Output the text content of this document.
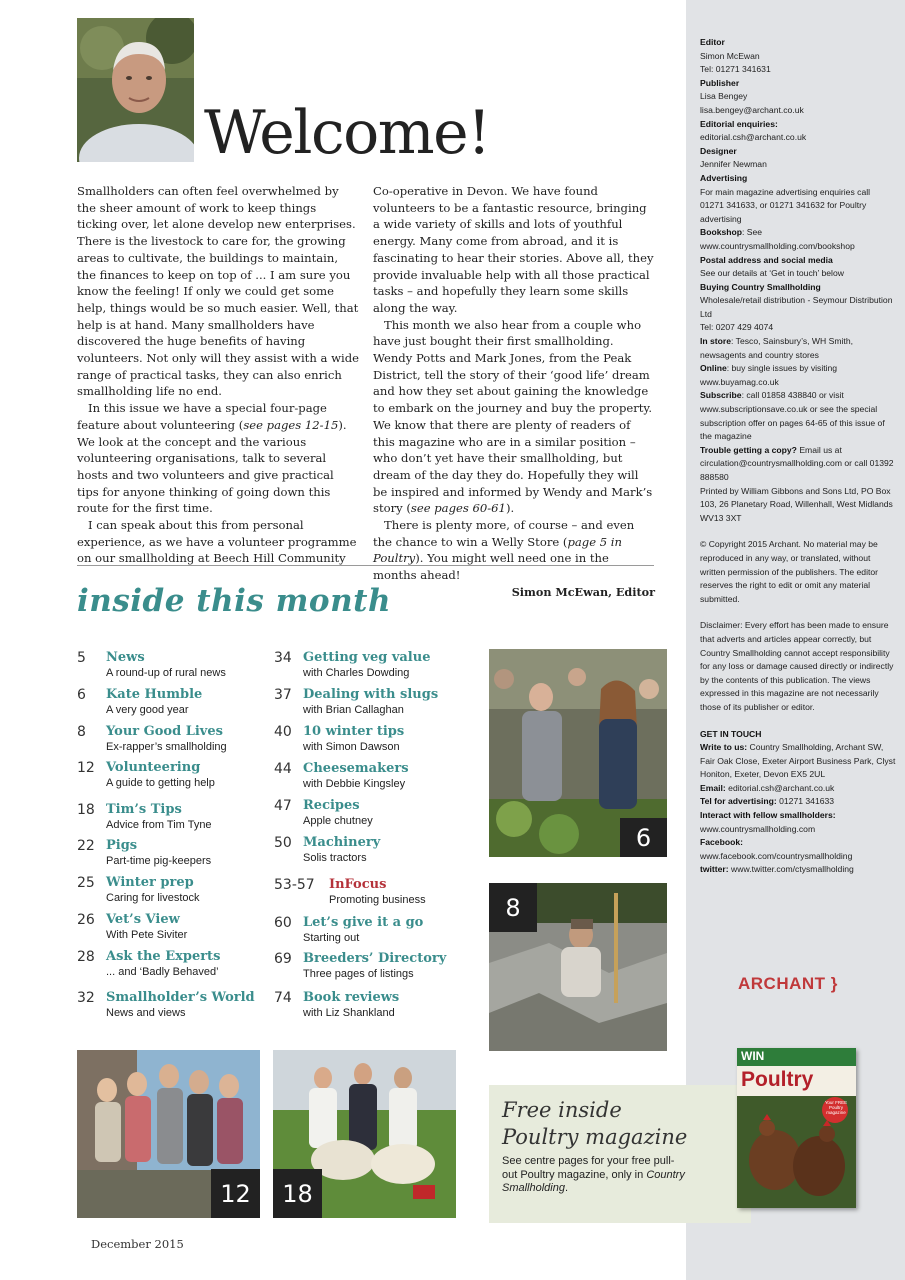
Editor
Simon McEwan
Tel: 01271 341631
Publisher
Lisa Bengey
lisa.bengey@archant.co.uk
Editorial enquiries:
editorial.csh@archant.co.uk
Designer
Jennifer Newman
Advertising
For main magazine advertising enquiries call 01271 341633, or 01271 341632 for Poultry advertising
Bookshop: See www.countrysmallholding.com/bookshop
Postal address and social media
See our details at ‘Get in touch’ below
Buying Country Smallholding
Wholesale/retail distribution - Seymour Distribution Ltd
Tel: 0207 429 4074
In store: Tesco, Sainsbury’s, WH Smith, newsagents and country stores
Online: buy single issues by visiting www.buyamag.co.uk
Subscribe: call 01858 438840 or visit www.subscriptionsave.co.uk or see the special subscription offer on pages 64-65 of this issue of the magazine
Trouble getting a copy? Email us at circulation@countrysmallholding.com or call 01392 888580
Printed by William Gibbons and Sons Ltd, PO Box 103, 26 Planetary Road, Willenhall, West Midlands WV13 3XT
© Copyright 2015 Archant. No material may be reproduced in any way, or translated, without written permission of the publishers. The editor reserves the right to edit or omit any material submitted.
Disclaimer: Every effort has been made to ensure that adverts and articles appear correctly, but Country Smallholding cannot accept responsibility for any loss or damage caused directly or indirectly by the contents of this publication. The views expressed in this magazine are not necessarily those of its publisher or editor.
GET IN TOUCH
Write to us: Country Smallholding, Archant SW, Fair Oak Close, Exeter Airport Business Park, Clyst Honiton, Exeter, Devon EX5 2UL
Email: editorial.csh@archant.co.uk
Tel for advertising: 01271 341633
Interact with fellow smallholders:
www.countrysmallholding.com
Facebook: www.facebook.com/countrysmallholding
twitter: www.twitter.com/ctysmallholding
ARCHANT }
Welcome!

Smallholders can often feel overwhelmed by the sheer amount of work to keep things ticking over, let alone develop new enterprises. There is the livestock to care for, the growing areas to cultivate, the buildings to maintain, the finances to keep on top of ... I am sure you know the feeling! If only we could get some help, things would be so much easier. Well, that help is at hand. Many smallholders have discovered the huge benefits of having volunteers. Not only will they assist with a wide range of practical tasks, they can also enrich smallholding life no end.

In this issue we have a special four-page feature about volunteering (see pages 12-15). We look at the concept and the various volunteering organisations, talk to several hosts and two volunteers and give practical tips for anyone thinking of going down this route for the first time.

I can speak about this from personal experience, as we have a volunteer programme on our smallholding at Beech Hill Community

Co-operative in Devon. We have found volunteers to be a fantastic resource, bringing a wide variety of skills and lots of youthful energy. Many come from abroad, and it is fascinating to hear their stories. Above all, they provide invaluable help with all those practical tasks – and hopefully they learn some skills along the way.

This month we also hear from a couple who have just bought their first smallholding. Wendy Potts and Mark Jones, from the Peak District, tell the story of their ‘good life’ dream and how they set about gaining the knowledge to embark on the journey and buy the property. We know that there are plenty of readers of this magazine who are in a similar position – who don’t yet have their smallholding, but dream of the day they do. Hopefully they will be inspired and informed by Wendy and Mark’s story (see pages 60-61).

There is plenty more, of course – and even the chance to win a Welly Store (page 5 in Poultry). You might well need one in the months ahead!

Simon McEwan, Editor

inside this month
6
8
12	18
Free inside
Poultry magazine
See centre pages for your free pull-out Poultry magazine, only in Country Smallholding.
WIN
Poultry
Your FREE Poultry magazine
December 2015
5 News
A round-up of rural news
6 Kate Humble
A very good year
8 Your Good Lives
Ex-rapper’s smallholding
12 Volunteering
A guide to getting help
18 Tim’s Tips
Advice from Tim Tyne
22 Pigs
Part-time pig-keepers
25 Winter prep
Caring for livestock
26 Vet’s View
With Pete Siviter
28 Ask the Experts
... and ‘Badly Behaved’
32 Smallholder’s World
News and views
34 Getting veg value
with Charles Dowding
37 Dealing with slugs
with Brian Callaghan
40 10 winter tips
with Simon Dawson
44 Cheesemakers
with Debbie Kingsley
47 Recipes
Apple chutney
50 Machinery
Solis tractors
53-57 InFocus
Promoting business
60 Let’s give it a go
Starting out
69 Breeders’ Directory
Three pages of listings
74 Book reviews
with Liz Shankland
